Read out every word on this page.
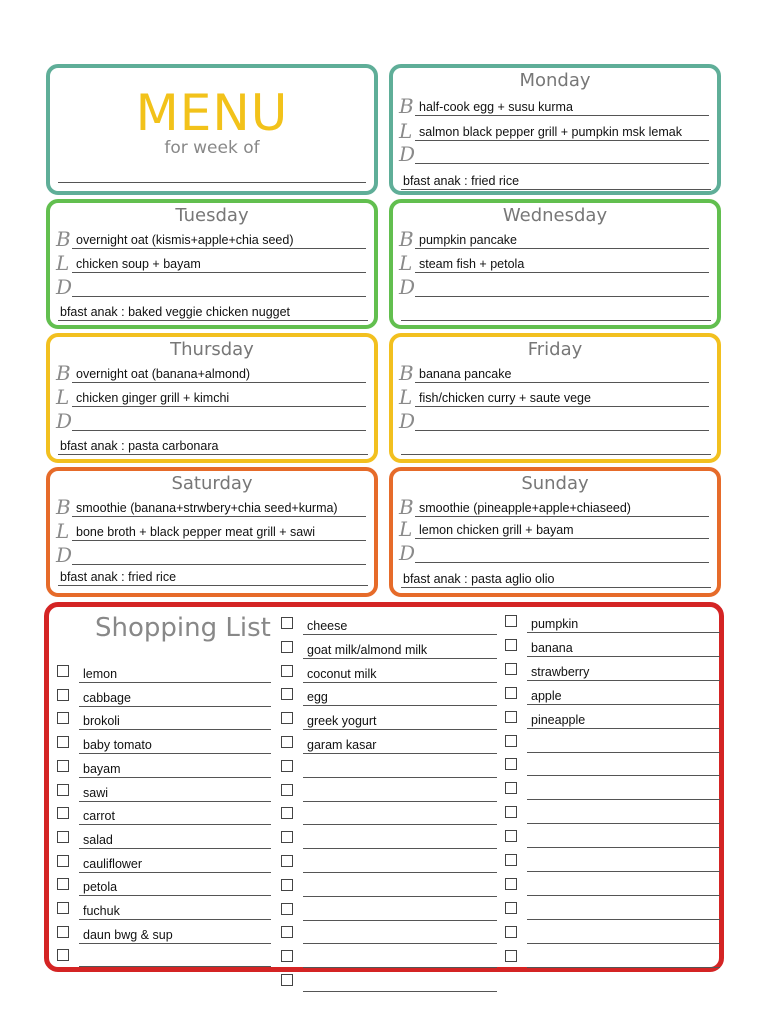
MENU
for week of
Monday
B half-cook egg + susu kurma
L salmon black pepper grill + pumpkin msk lemak
D
bfast anak : fried rice
Tuesday
B overnight oat (kismis+apple+chia seed)
L chicken soup + bayam
D
bfast anak : baked veggie chicken nugget
Wednesday
B pumpkin pancake
L steam fish + petola
D
Thursday
B overnight oat (banana+almond)
L chicken ginger grill + kimchi
D
bfast anak : pasta carbonara
Friday
B banana pancake
L fish/chicken curry + saute vege
D
Saturday
B smoothie (banana+strwbery+chia seed+kurma)
L bone broth + black pepper meat grill + sawi
D
bfast anak : fried rice
Sunday
B smoothie (pineapple+apple+chiaseed)
L lemon chicken grill + bayam
D
bfast anak : pasta aglio olio
Shopping List
lemon
cabbage
brokoli
baby tomato
bayam
sawi
carrot
salad
cauliflower
petola
fuchuk
daun bwg & sup
cheese
goat milk/almond milk
coconut milk
egg
greek yogurt
garam kasar
pumpkin
banana
strawberry
apple
pineapple
